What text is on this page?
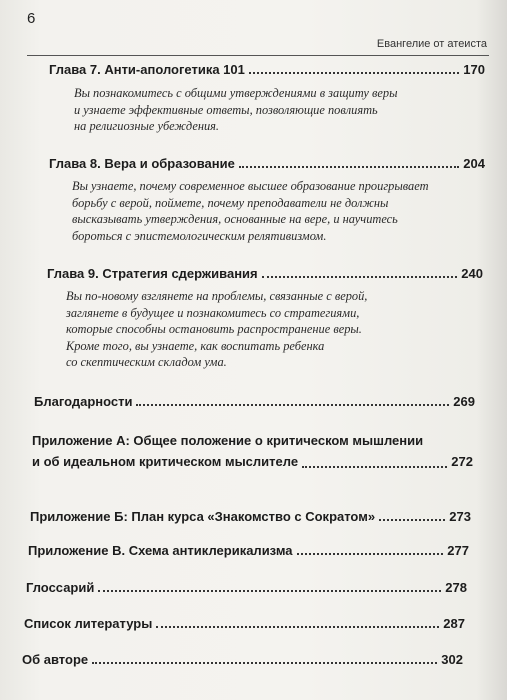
6
Евангелие от атеиста
Глава 7. Анти-апологетика 101	170
Вы познакомитесь с общими утверждениями в защиту веры
и узнаете эффективные ответы, позволяющие повлиять
на религиозные убеждения.
Глава 8. Вера и образование	204
Вы узнаете, почему современное высшее образование проигрывает
борьбу с верой, поймете, почему преподаватели не должны
высказывать утверждения, основанные на вере, и научитесь
бороться с эпистемологическим релятивизмом.
Глава 9. Стратегия сдерживания	240
Вы по-новому взглянете на проблемы, связанные с верой,
заглянете в будущее и познакомитесь со стратегиями,
которые способны остановить распространение веры.
Кроме того, вы узнаете, как воспитать ребенка
со скептическим складом ума.
Благодарности	269
Приложение А: Общее положение о критическом мышлении
и об идеальном критическом мыслителе	272
Приложение Б: План курса «Знакомство с Сократом»	273
Приложение В. Схема антиклерикализма	277
Глоссарий	278
Список литературы	287
Об авторе	302
